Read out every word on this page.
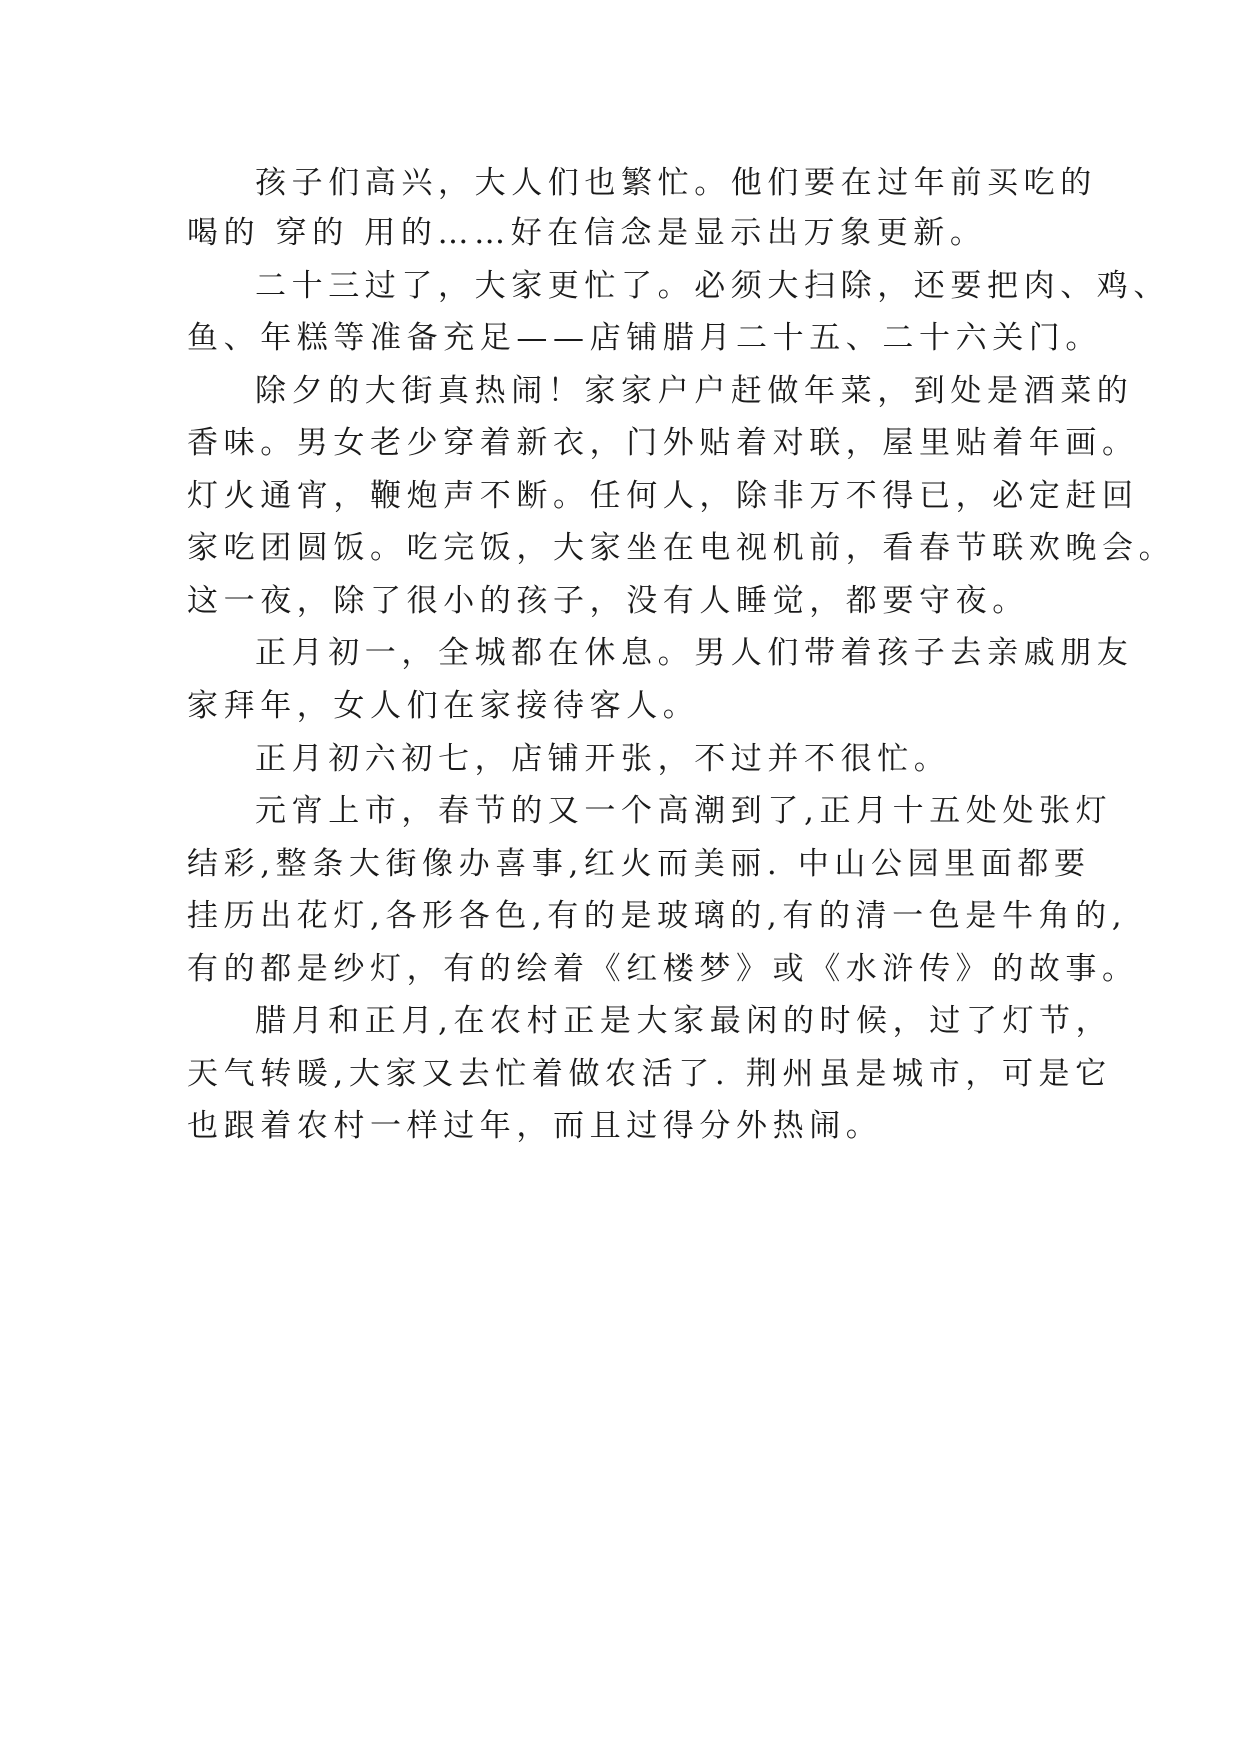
孩子们高兴，大人们也繁忙。他们要在过年前买吃的
喝的 穿的 用的……好在信念是显示出万象更新。
二十三过了，大家更忙了。必须大扫除，还要把肉、鸡、
鱼、年糕等准备充足——店铺腊月二十五、二十六关门。
除夕的大街真热闹！家家户户赶做年菜，到处是酒菜的
香味。男女老少穿着新衣，门外贴着对联，屋里贴着年画。
灯火通宵，鞭炮声不断。任何人，除非万不得已，必定赶回
家吃团圆饭。吃完饭，大家坐在电视机前，看春节联欢晚会。
这一夜，除了很小的孩子，没有人睡觉，都要守夜。
正月初一，全城都在休息。男人们带着孩子去亲戚朋友
家拜年，女人们在家接待客人。
正月初六初七，店铺开张，不过并不很忙。
元宵上市，春节的又一个高潮到了,正月十五处处张灯
结彩,整条大街像办喜事,红火而美丽. 中山公园里面都要
挂历出花灯,各形各色,有的是玻璃的,有的清一色是牛角的,
有的都是纱灯，有的绘着《红楼梦》或《水浒传》的故事。
腊月和正月,在农村正是大家最闲的时候，过了灯节，
天气转暖,大家又去忙着做农活了. 荆州虽是城市，可是它
也跟着农村一样过年，而且过得分外热闹。
